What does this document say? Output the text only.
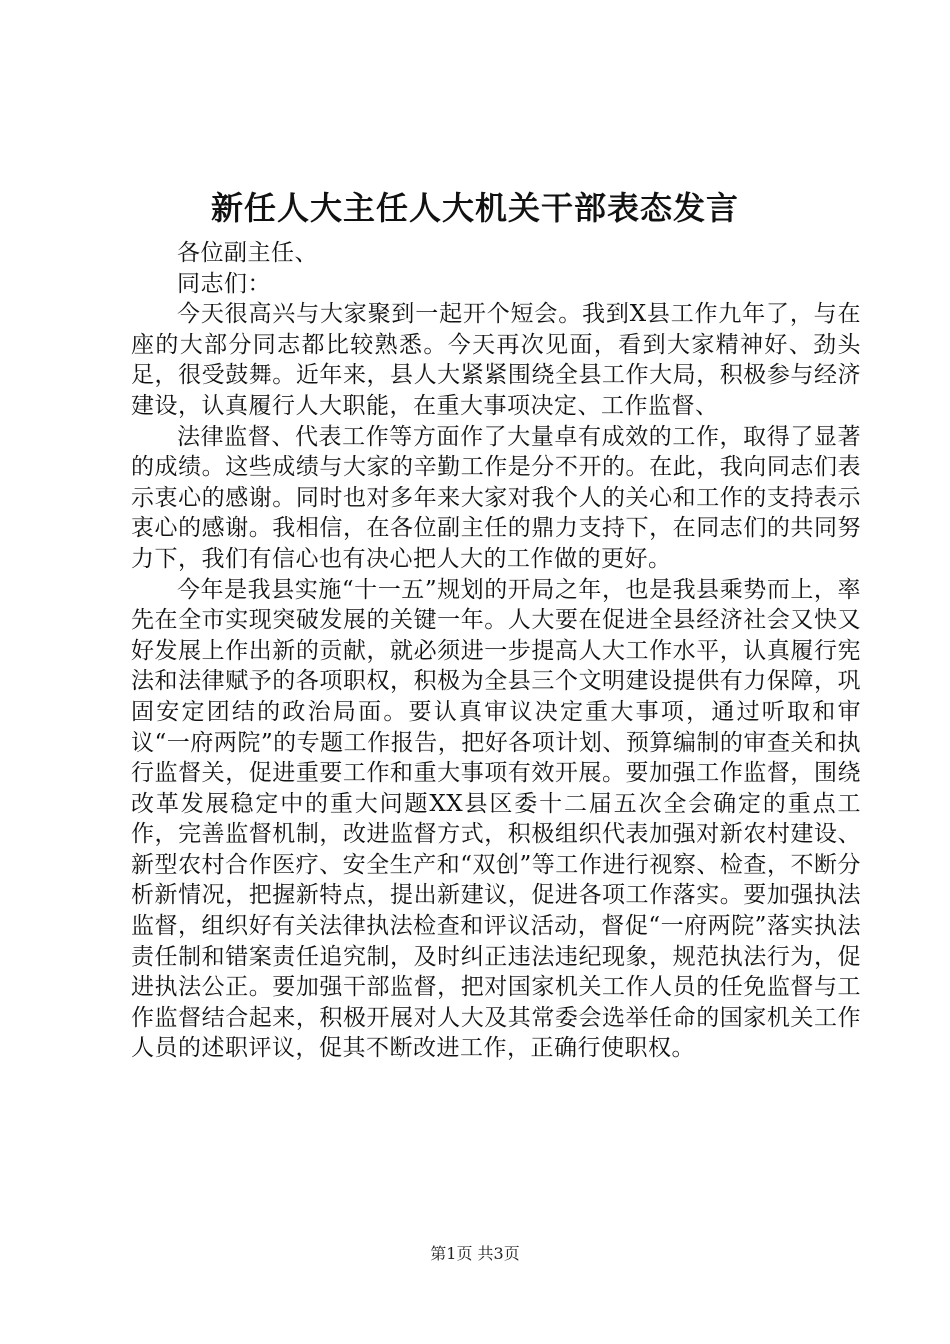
新任人大主任人大机关干部表态发言

各位副主任、

同志们：

今天很高兴与大家聚到一起开个短会。我到X县工作九年了，与在座的大部分同志都比较熟悉。今天再次见面，看到大家精神好、劲头足，很受鼓舞。近年来，县人大紧紧围绕全县工作大局，积极参与经济建设，认真履行人大职能，在重大事项决定、工作监督、

法律监督、代表工作等方面作了大量卓有成效的工作，取得了显著的成绩。这些成绩与大家的辛勤工作是分不开的。在此，我向同志们表示衷心的感谢。同时也对多年来大家对我个人的关心和工作的支持表示衷心的感谢。我相信，在各位副主任的鼎力支持下，在同志们的共同努力下，我们有信心也有决心把人大的工作做的更好。

今年是我县实施“十一五”规划的开局之年，也是我县乘势而上，率先在全市实现突破发展的关键一年。人大要在促进全县经济社会又快又好发展上作出新的贡献，就必须进一步提高人大工作水平，认真履行宪法和法律赋予的各项职权，积极为全县三个文明建设提供有力保障，巩固安定团结的政治局面。要认真审议决定重大事项，通过听取和审议“一府两院”的专题工作报告，把好各项计划、预算编制的审查关和执行监督关，促进重要工作和重大事项有效开展。要加强工作监督，围绕改革发展稳定中的重大问题XX县区委十二届五次全会确定的重点工作，完善监督机制，改进监督方式，积极组织代表加强对新农村建设、新型农村合作医疗、安全生产和“双创”等工作进行视察、检查，不断分析新情况，把握新特点，提出新建议，促进各项工作落实。要加强执法监督，组织好有关法律执法检查和评议活动，督促“一府两院”落实执法责任制和错案责任追究制，及时纠正违法违纪现象，规范执法行为，促进执法公正。要加强干部监督，把对国家机关工作人员的任免监督与工作监督结合起来，积极开展对人大及其常委会选举任命的国家机关工作人员的述职评议，促其不断改进工作，正确行使职权。

第1页 共3页
